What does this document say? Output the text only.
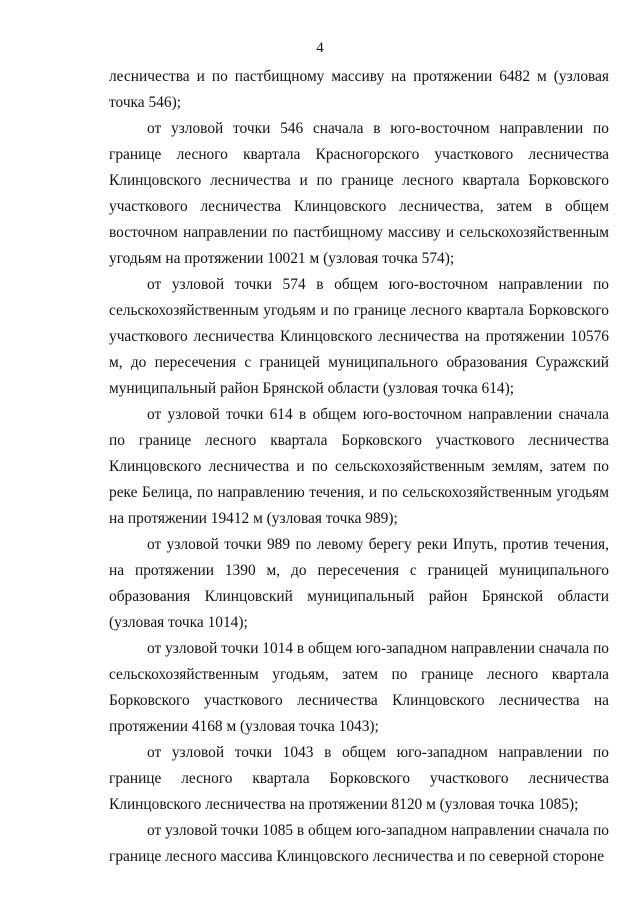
4

лесничества и по пастбищному массиву на протяжении 6482 м (узловая точка 546);

от узловой точки 546 сначала в юго-восточном направлении по границе лесного квартала Красногорского участкового лесничества Клинцовского лесничества и по границе лесного квартала Борковского участкового лесничества Клинцовского лесничества, затем в общем восточном направлении по пастбищному массиву и сельскохозяйственным угодьям на протяжении 10021 м (узловая точка 574);

от узловой точки 574 в общем юго-восточном направлении по сельскохозяйственным угодьям и по границе лесного квартала Борковского участкового лесничества Клинцовского лесничества на протяжении 10576 м, до пересечения с границей муниципального образования Суражский муниципальный район Брянской области (узловая точка 614);

от узловой точки 614 в общем юго-восточном направлении сначала по границе лесного квартала Борковского участкового лесничества Клинцовского лесничества и по сельскохозяйственным землям, затем по реке Белица, по направлению течения, и по сельскохозяйственным угодьям на протяжении 19412 м (узловая точка 989);

от узловой точки 989 по левому берегу реки Ипуть, против течения, на протяжении 1390 м, до пересечения с границей муниципального образования Клинцовский муниципальный район Брянской области (узловая точка 1014);

от узловой точки 1014 в общем юго-западном направлении сначала по сельскохозяйственным угодьям, затем по границе лесного квартала Борковского участкового лесничества Клинцовского лесничества на протяжении 4168 м (узловая точка 1043);

от узловой точки 1043 в общем юго-западном направлении по границе лесного квартала Борковского участкового лесничества Клинцовского лесничества на протяжении 8120 м (узловая точка 1085);

от узловой точки 1085 в общем юго-западном направлении сначала по границе лесного массива Клинцовского лесничества и по северной стороне
